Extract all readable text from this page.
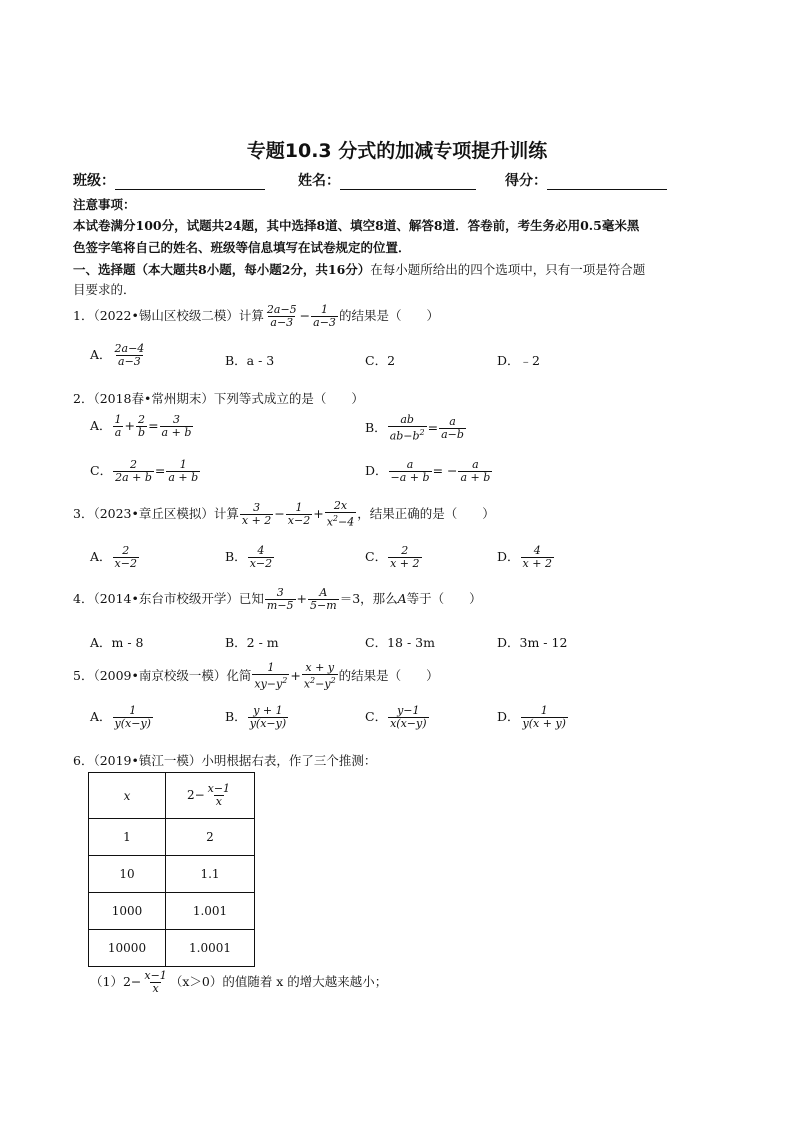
专题10.3 分式的加减专项提升训练
班级：	姓名：	得分：
注意事项：
本试卷满分100分，试题共24题，其中选择8道、填空8道、解答8道．答卷前，考生务必用0.5毫米黑
色签字笔将自己的姓名、班级等信息填写在试卷规定的位置．
一、选择题（本大题共8小题，每小题2分，共16分）在每小题所给出的四个选项中，只有一项是符合题
目要求的．
1．（2022•锡山区校级二模）计算 $\frac{2a-5}{a-3} - \frac{1}{a-3}$ 的结果是（　　）
A． $\frac{2a-4}{a-3}$	B．a - 3	C．2	D．﹣2
2．（2018春•常州期末）下列等式成立的是（　　）
A． $\frac{1}{a} + \frac{2}{b} = \frac{3}{a + b}$	B． $\frac{ab}{ab-b^2} = \frac{a}{a-b}$
C． $\frac{2}{2a + b} = \frac{1}{a + b}$	D． $\frac{a}{-a + b}$ = − $\frac{a}{a + b}$
3．（2023•章丘区模拟）计算 $\frac{3}{x + 2} - \frac{1}{x-2} + \frac{2x}{x^2-4}$ ，结果正确的是（　　）
A． $\frac{2}{x-2}$	B． $\frac{4}{x-2}$	C． $\frac{2}{x + 2}$	D． $\frac{4}{x + 2}$
4．（2014•东台市校级开学）已知 $\frac{3}{m-5} + \frac{A}{5-m} =3$，那么A等于（　　）
A．m - 8	B．2 - m	C．18 - 3m	D．3m - 12
5．（2009•南京校级一模）化简 $\frac{1}{xy-y^2} + \frac{x + y}{x^2-y^2}$ 的结果是（　　）
A． $\frac{1}{y(x-y)}$	B． $\frac{y + 1}{y(x-y)}$	C． $\frac{y-1}{x(x-y)}$	D． $\frac{1}{y(x + y)}$
6．（2019•镇江一模）小明根据右表，作了三个推测：
x	$2- \frac{x-1}{x}$

1	2
10	1.1
1000	1.001
10000	1.0001
$(1)2- \frac{x-1}{x} (x>0)$的值随着 x 的增大越来越小；
